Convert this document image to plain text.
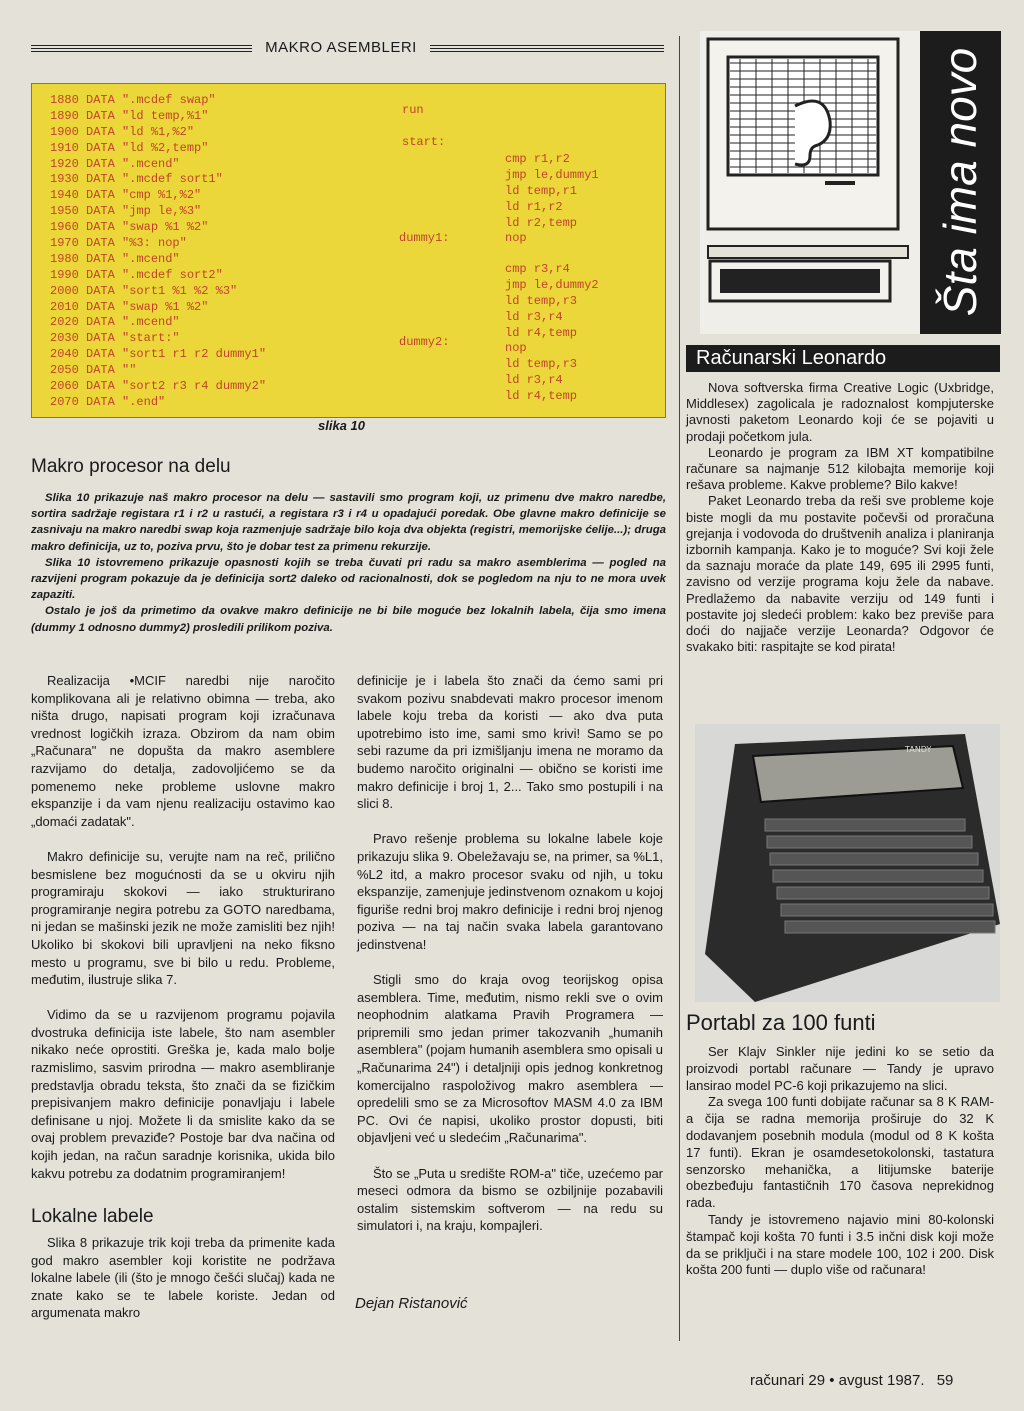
MAKRO ASEMBLERI
1880 DATA ".mcdef swap"
1890 DATA "ld temp,%1"
1900 DATA "ld %1,%2"
1910 DATA "ld %2,temp"
1920 DATA ".mcend"
1930 DATA ".mcdef sort1"
1940 DATA "cmp %1,%2"
1950 DATA "jmp le,%3"
1960 DATA "swap %1 %2"
1970 DATA "%3: nop"
1980 DATA ".mcend"
1990 DATA ".mcdef sort2"
2000 DATA "sort1 %1 %2 %3"
2010 DATA "swap %1 %2"
2020 DATA ".mcend"
2030 DATA "start:"
2040 DATA "sort1 r1 r2 dummy1"
2050 DATA ""
2060 DATA "sort2 r3 r4 dummy2"
2070 DATA ".end"
run
start:
dummy1:
dummy2:
cmp r1,r2
jmp le,dummy1
ld temp,r1
ld r1,r2
ld r2,temp
nop
cmp r3,r4
jmp le,dummy2
ld temp,r3
ld r3,r4
ld r4,temp
nop
ld temp,r3
ld r3,r4
ld r4,temp
slika 10
Makro procesor na delu

Slika 10 prikazuje naš makro procesor na delu — sastavili smo program koji, uz primenu dve makro naredbe, sortira sadržaje registara r1 i r2 u rastući, a registara r3 i r4 u opadajući poredak. Obe glavne makro definicije se zasnivaju na makro naredbi swap koja razmenjuje sadržaje bilo koja dva objekta (registri, memorijske ćelije...); druga makro definicija, uz to, poziva prvu, što je dobar test za primenu rekurzije.

Slika 10 istovremeno prikazuje opasnosti kojih se treba čuvati pri radu sa makro asemblerima — pogled na razvijeni program pokazuje da je definicija sort2 daleko od racionalnosti, dok se pogledom na nju to ne mora uvek zapaziti.

Ostalo je još da primetimo da ovakve makro definicije ne bi bile moguće bez lokalnih labela, čija smo imena (dummy 1 odnosno dummy2) prosledili prilikom poziva.

Realizacija •MCIF naredbi nije naročito komplikovana ali je relativno obimna — treba, ako ništa drugo, napisati program koji izračunava vrednost logičkih izraza. Obzirom da nam obim „Računara" ne dopušta da makro asemblere razvijamo do detalja, zadovoljićemo se da pomenemo neke probleme uslovne makro ekspanzije i da vam njenu realizaciju ostavimo kao „domaći zadatak".

Makro definicije su, verujte nam na reč, prilično besmislene bez mogućnosti da se u okviru njih programiraju skokovi — iako strukturirano programiranje negira potrebu za GOTO naredbama, ni jedan se mašinski jezik ne može zamisliti bez njih! Ukoliko bi skokovi bili upravljeni na neko fiksno mesto u programu, sve bi bilo u redu. Probleme, međutim, ilustruje slika 7.

Vidimo da se u razvijenom programu pojavila dvostruka definicija iste labele, što nam asembler nikako neće oprostiti. Greška je, kada malo bolje razmislimo, sasvim prirodna — makro asembliranje predstavlja obradu teksta, što znači da se fizičkim prepisivanjem makro definicije ponavljaju i labele definisane u njoj. Možete li da smislite kako da se ovaj problem prevaziđe? Postoje bar dva načina od kojih jedan, na račun saradnje korisnika, ukida bilo kakvu potrebu za dodatnim programiranjem!

Lokalne labele

Slika 8 prikazuje trik koji treba da primenite kada god makro asembler koji koristite ne podržava lokalne labele (ili (što je mnogo češći slučaj) kada ne znate kako se te labele koriste. Jedan od argumenata makro

definicije je i labela što znači da ćemo sami pri svakom pozivu snabdevati makro procesor imenom labele koju treba da koristi — ako dva puta upotrebimo isto ime, sami smo krivi! Samo se po sebi razume da pri izmišljanju imena ne moramo da budemo naročito originalni — obično se koristi ime makro definicije i broj 1, 2... Tako smo postupili i na slici 8.

Pravo rešenje problema su lokalne labele koje prikazuju slika 9. Obeležavaju se, na primer, sa %L1, %L2 itd, a makro procesor svaku od njih, u toku ekspanzije, zamenjuje jedinstvenom oznakom u kojoj figuriše redni broj makro definicije i redni broj njenog poziva — na taj način svaka labela garantovano jedinstvena!

Stigli smo do kraja ovog teorijskog opisa asemblera. Time, međutim, nismo rekli sve o ovim neophodnim alatkama Pravih Programera — pripremili smo jedan primer takozvanih „humanih asemblera" (pojam humanih asemblera smo opisali u „Računarima 24") i detaljniji opis jednog konkretnog komercijalno raspoloživog makro asemblera — opredelili smo se za Microsoftov MASM 4.0 za IBM PC. Ovi će napisi, ukoliko prostor dopusti, biti objavljeni već u sledećim „Računarima".

Što se „Puta u središte ROM-a" tiče, uzećemo par meseci odmora da bismo se ozbiljnije pozabavili ostalim sistemskim softverom — na redu su simulatori i, na kraju, kompajleri.

Dejan Ristanović
Šta ima novo
Računarski Leonardo

Nova softverska firma Creative Logic (Uxbridge, Middlesex) zagolicala je radoznalost kompjuterske javnosti paketom Leonardo koji će se pojaviti u prodaji početkom jula.

Leonardo je program za IBM XT kompatibilne računare sa najmanje 512 kilobajta memorije koji rešava probleme. Kakve probleme? Bilo kakve!

Paket Leonardo treba da reši sve probleme koje biste mogli da mu postavite počevši od proračuna grejanja i vodovoda do društvenih analiza i planiranja izbornih kampanja. Kako je to moguće? Svi koji žele da saznaju moraće da plate 149, 695 ili 2995 funti, zavisno od verzije programa koju žele da nabave. Predlažemo da nabavite verziju od 149 funti i postavite joj sledeći problem: kako bez previše para doći do najjače verzije Leonarda? Odgovor će svakako biti: raspitajte se kod pirata!

TANDY
Portabl za 100 funti

Ser Klajv Sinkler nije jedini ko se setio da proizvodi portabl računare — Tandy je upravo lansirao model PC-6 koji prikazujemo na slici.

Za svega 100 funti dobijate računar sa 8 K RAM-a čija se radna memorija proširuje do 32 K dodavanjem posebnih modula (modul od 8 K košta 17 funti). Ekran je osamdesetokolonski, tastatura senzorsko mehanička, a litijumske baterije obezbeđuju fantastičnih 170 časova neprekidnog rada.

Tandy je istovremeno najavio mini 80-kolonski štampač koji košta 70 funti i 3.5 inčni disk koji može da se priključi i na stare modele 100, 102 i 200. Disk košta 200 funti — duplo više od računara!

računari 29 • avgust 1987. 59
